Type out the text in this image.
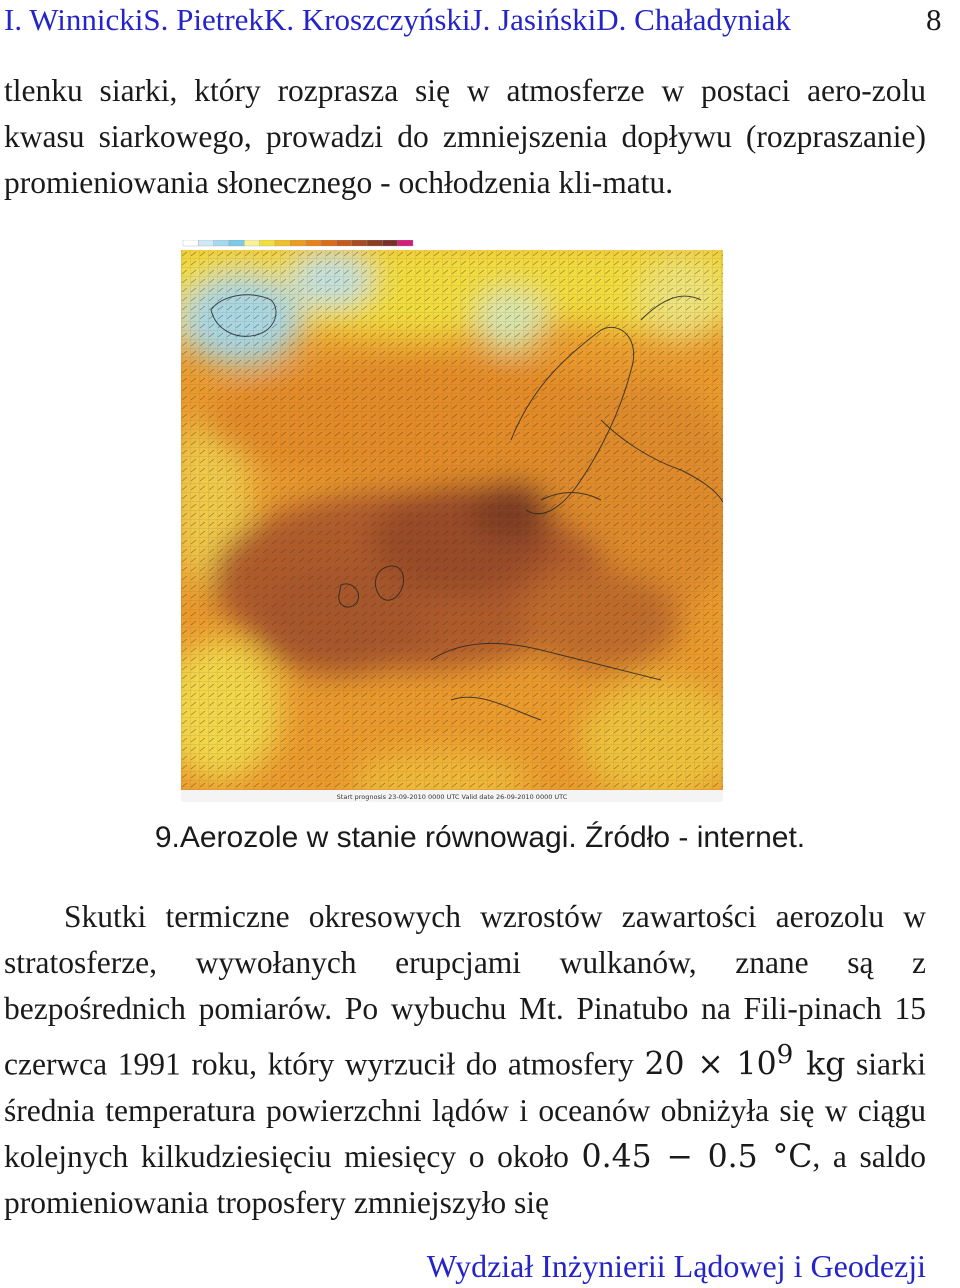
I. WinnickiS. PietrekK. KroszczyńskiJ. JasińskiD. Chaładyniak	8
tlenku siarki, który rozprasza się w atmosferze w postaci aero-zolu kwasu siarkowego, prowadzi do zmniejszenia dopływu (rozpraszanie) promieniowania słonecznego - ochłodzenia kli-matu.
Start prognosis 23-09-2010 0000 UTC Valid date 26-09-2010 0000 UTC
9.Aerozole w stanie równowagi. Źródło - internet.
Skutki termiczne okresowych wzrostów zawartości aerozolu w stratosferze, wywołanych erupcjami wulkanów, znane są z bezpośrednich pomiarów. Po wybuchu Mt. Pinatubo na Fili-pinach 15 czerwca 1991 roku, który wyrzucił do atmosfery $20 \times 10^9$ kg siarki średnia temperatura powierzchni lądów i oceanów obniżyła się w ciągu kolejnych kilkudziesięciu miesięcy o około 0.45 − 0.5 °C, a saldo promieniowania troposfery zmniejszyło się
Wydział Inżynierii Lądowej i Geodezji
